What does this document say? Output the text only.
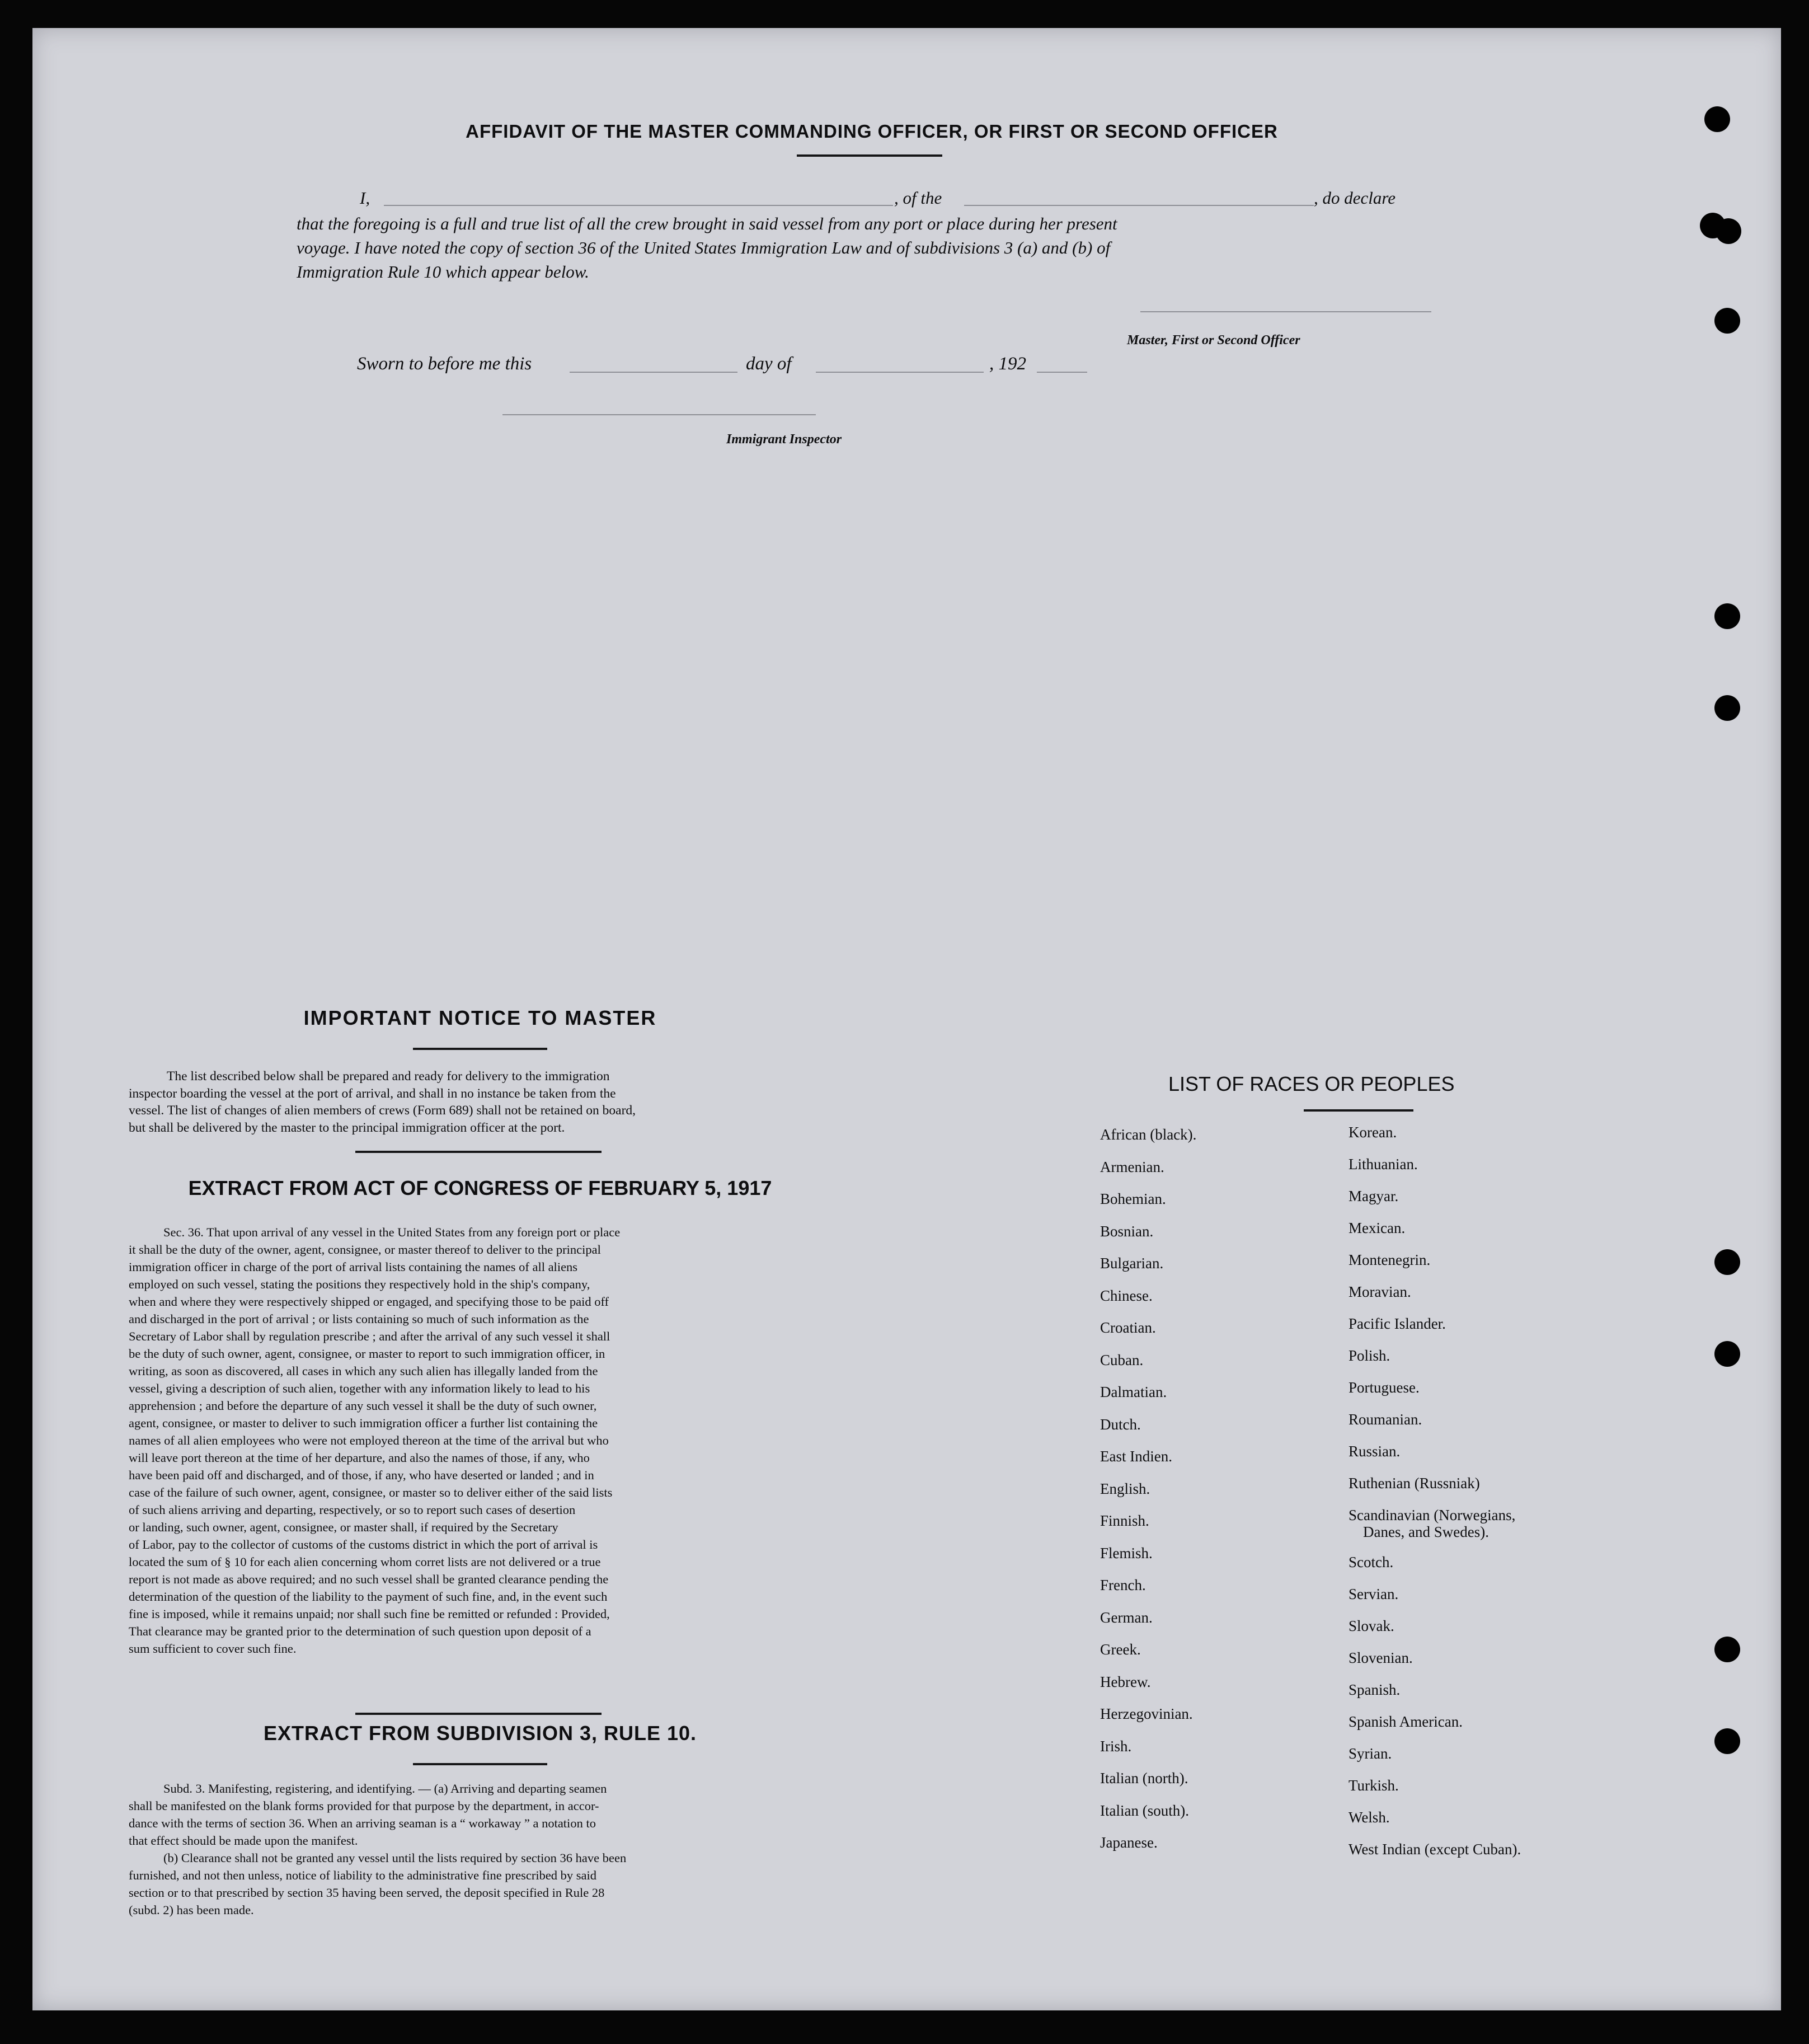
AFFIDAVIT OF THE MASTER COMMANDING OFFICER, OR FIRST OR SECOND OFFICER
I,	, of the	, do declare
that the foregoing is a full and true list of all the crew brought in said vessel from any port or place during her present
voyage. I have noted the copy of section 36 of the United States Immigration Law and of subdivisions 3 (a) and (b) of
Immigration Rule 10 which appear below.
Master, First or Second Officer
Sworn to before me this	day of	, 192
Immigrant Inspector
IMPORTANT NOTICE TO MASTER
The list described below shall be prepared and ready for delivery to the immigration
inspector boarding the vessel at the port of arrival, and shall in no instance be taken from the
vessel. The list of changes of alien members of crews (Form 689) shall not be retained on board,
but shall be delivered by the master to the principal immigration officer at the port.
EXTRACT FROM ACT OF CONGRESS OF FEBRUARY 5, 1917
Sec. 36. That upon arrival of any vessel in the United States from any foreign port or place
it shall be the duty of the owner, agent, consignee, or master thereof to deliver to the principal
immigration officer in charge of the port of arrival lists containing the names of all aliens
employed on such vessel, stating the positions they respectively hold in the ship's company,
when and where they were respectively shipped or engaged, and specifying those to be paid off
and discharged in the port of arrival ; or lists containing so much of such information as the
Secretary of Labor shall by regulation prescribe ; and after the arrival of any such vessel it shall
be the duty of such owner, agent, consignee, or master to report to such immigration officer, in
writing, as soon as discovered, all cases in which any such alien has illegally landed from the
vessel, giving a description of such alien, together with any information likely to lead to his
apprehension ; and before the departure of any such vessel it shall be the duty of such owner,
agent, consignee, or master to deliver to such immigration officer a further list containing the
names of all alien employees who were not employed thereon at the time of the arrival but who
will leave port thereon at the time of her departure, and also the names of those, if any, who
have been paid off and discharged, and of those, if any, who have deserted or landed ; and in
case of the failure of such owner, agent, consignee, or master so to deliver either of the said lists
of such aliens arriving and departing, respectively, or so to report such cases of desertion
or landing, such owner, agent, consignee, or master shall, if required by the Secretary
of Labor, pay to the collector of customs of the customs district in which the port of arrival is
located the sum of § 10 for each alien concerning whom corret lists are not delivered or a true
report is not made as above required; and no such vessel shall be granted clearance pending the
determination of the question of the liability to the payment of such fine, and, in the event such
fine is imposed, while it remains unpaid; nor shall such fine be remitted or refunded : Provided,
That clearance may be granted prior to the determination of such question upon deposit of a
sum sufficient to cover such fine.
EXTRACT FROM SUBDIVISION 3, RULE 10.
Subd. 3. Manifesting, registering, and identifying. — (a) Arriving and departing seamen
shall be manifested on the blank forms provided for that purpose by the department, in accor-
dance with the terms of section 36. When an arriving seaman is a “ workaway ” a notation to
that effect should be made upon the manifest.
(b) Clearance shall not be granted any vessel until the lists required by section 36 have been
furnished, and not then unless, notice of liability to the administrative fine prescribed by said
section or to that prescribed by section 35 having been served, the deposit specified in Rule 28
(subd. 2) has been made.
LIST OF RACES OR PEOPLES
African (black).
Armenian.
Bohemian.
Bosnian.
Bulgarian.
Chinese.
Croatian.
Cuban.
Dalmatian.
Dutch.
East Indien.
English.
Finnish.
Flemish.
French.
German.
Greek.
Hebrew.
Herzegovinian.
Irish.
Italian (north).
Italian (south).
Japanese.
Korean.
Lithuanian.
Magyar.
Mexican.
Montenegrin.
Moravian.
Pacific Islander.
Polish.
Portuguese.
Roumanian.
Russian.
Ruthenian (Russniak)
Scandinavian (Norwegians,
Danes, and Swedes).
Scotch.
Servian.
Slovak.
Slovenian.
Spanish.
Spanish American.
Syrian.
Turkish.
Welsh.
West Indian (except Cuban).
